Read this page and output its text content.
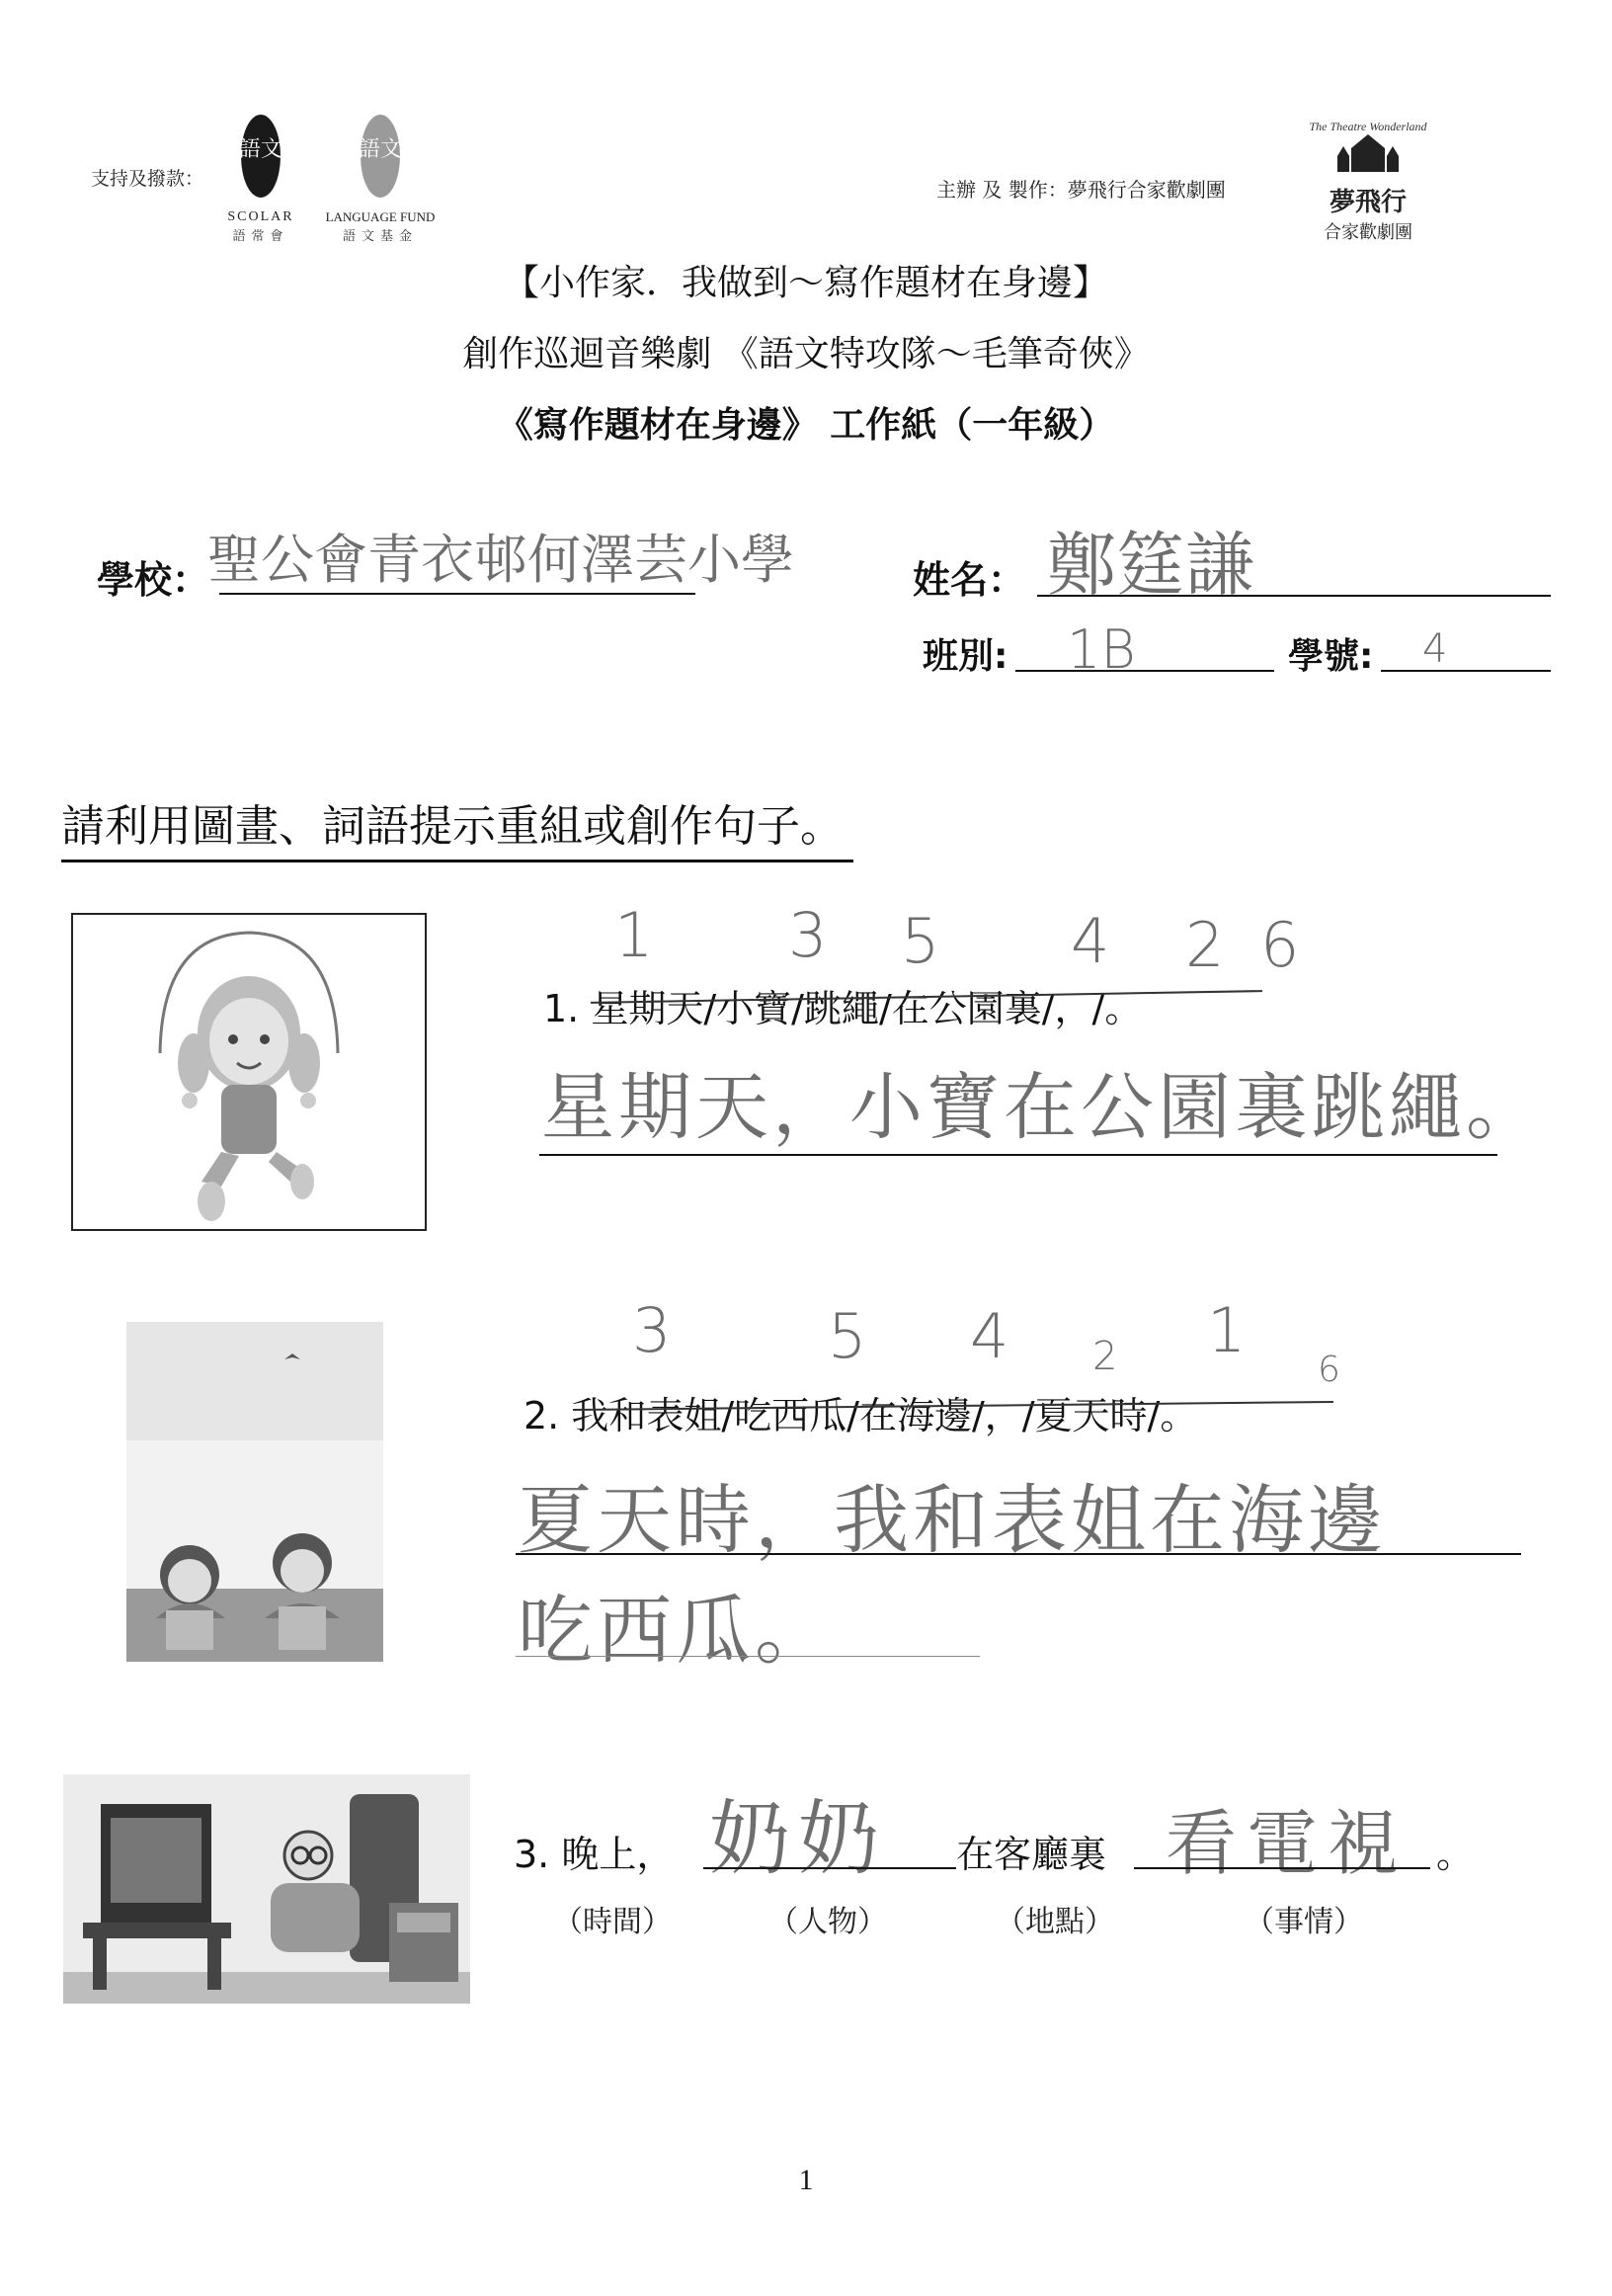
支持及撥款：
語文
SCOLAR
語常會
語文
LANGUAGE FUND
語文基金
主辦 及 製作：夢飛行合家歡劇團
The Theatre Wonderland
夢飛行
合家歡劇團
【小作家．我做到～寫作題材在身邊】
創作巡迴音樂劇 《語文特攻隊～毛筆奇俠》
《寫作題材在身邊》 工作紙（一年級）
學校：
聖公會青衣邨何澤芸小學	姓名： 鄭筳謙
班別: 1B	學號: 4
請利用圖畫、詞語提示重組或創作句子。
1 3 5 4 2 6
1. 星期天/小寶/跳繩/在公園裏/，/。
星期天，小寶在公園裏跳繩。
3	5 4 2 1
6
2. 我和表姐/吃西瓜/在海邊/，/夏天時/。
夏天時，我和表姐在海邊
吃西瓜。
3. 晚上， 奶奶 在客廳裏 看電視 。
（時間）	（人物）	（地點）	（事情）
1
